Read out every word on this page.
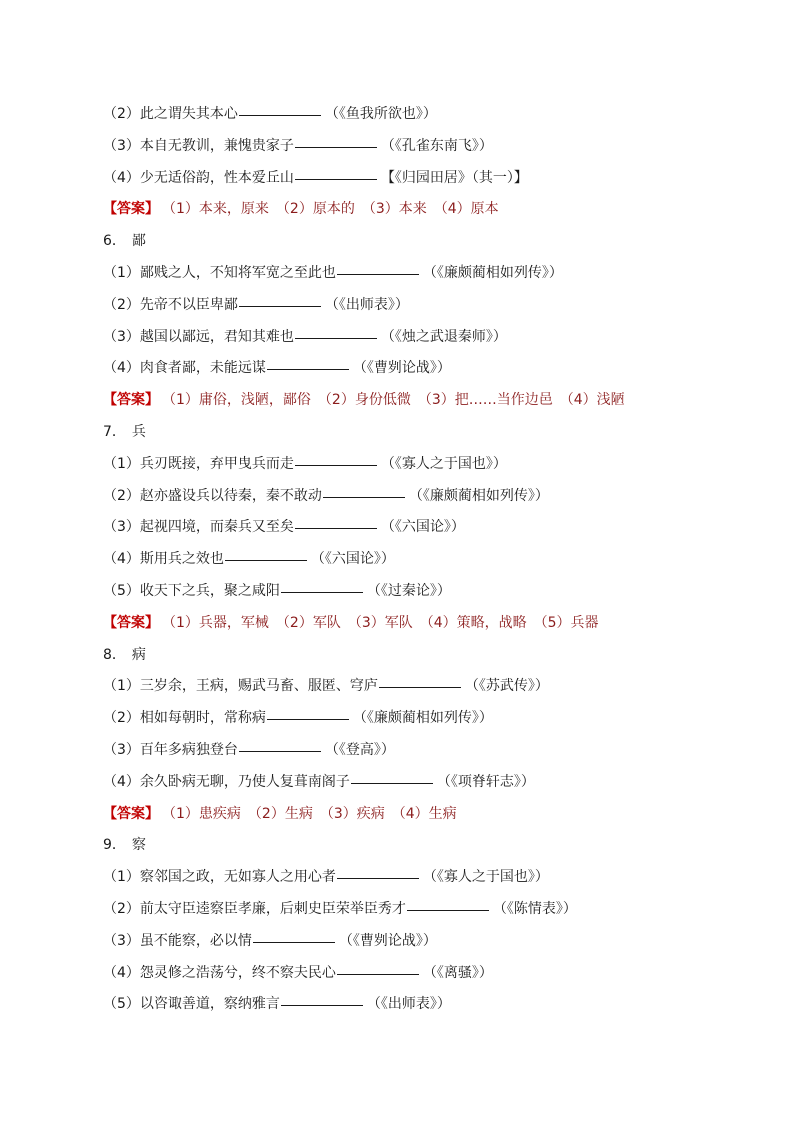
（2）此之谓失其本心	（《鱼我所欲也》）
（3）本自无教训，兼愧贵家子	（《孔雀东南飞》）
（4）少无适俗韵，性本爱丘山	【《归园田居》（其一）】
【答案】 （1）本来，原来　（2）原本的　（3）本来　（4）原本
6． 鄙
（1）鄙贱之人，不知将军宽之至此也	（《廉颇蔺相如列传》）
（2）先帝不以臣卑鄙	（《出师表》）
（3）越国以鄙远，君知其难也	（《烛之武退秦师》）
（4）肉食者鄙，未能远谋	（《曹刿论战》）
【答案】 （1）庸俗，浅陋，鄙俗　（2）身份低微　（3）把……当作边邑　（4）浅陋
7． 兵
（1）兵刃既接，弃甲曳兵而走	（《寡人之于国也》）
（2）赵亦盛设兵以待秦，秦不敢动	（《廉颇蔺相如列传》）
（3）起视四境，而秦兵又至矣	（《六国论》）
（4）斯用兵之效也	（《六国论》）
（5）收天下之兵，聚之咸阳	（《过秦论》）
【答案】 （1）兵器，军械　（2）军队　（3）军队　（4）策略，战略　（5）兵器
8． 病
（1）三岁余，王病，赐武马畜、服匿、穹庐	（《苏武传》）
（2）相如每朝时，常称病	（《廉颇蔺相如列传》）
（3）百年多病独登台	（《登高》）
（4）余久卧病无聊，乃使人复葺南阁子	（《项脊轩志》）
【答案】 （1）患疾病　（2）生病　（3）疾病　（4）生病
9． 察
（1）察邻国之政，无如寡人之用心者	（《寡人之于国也》）
（2）前太守臣逵察臣孝廉，后刺史臣荣举臣秀才	（《陈情表》）
（3）虽不能察，必以情	（《曹刿论战》）
（4）怨灵修之浩荡兮，终不察夫民心	（《离骚》）
（5）以咨诹善道，察纳雅言	（《出师表》）
